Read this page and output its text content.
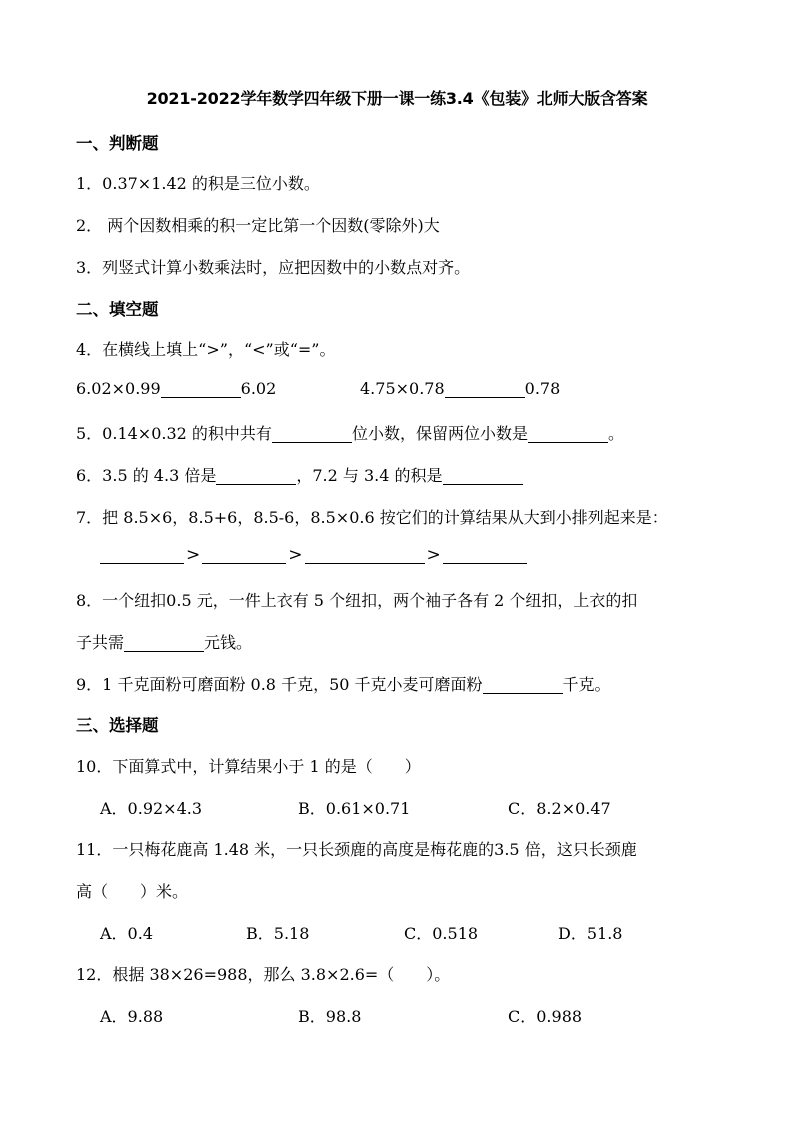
2021-2022学年数学四年级下册一课一练3.4《包装》北师大版含答案
一、判断题
1．0.37×1.42 的积是三位小数。
2． 两个因数相乘的积一定比第一个因数(零除外)大
3．列竖式计算小数乘法时，应把因数中的小数点对齐。
二、填空题
4．在横线上填上“>”，“<”或“=”。
6.02×0.99	6.02	4.75×0.78	0.78
5．0.14×0.32 的积中共有	位小数，保留两位小数是	。
6．3.5 的 4.3 倍是	，7.2 与 3.4 的积是
7．把 8.5×6，8.5+6，8.5-6，8.5×0.6 按它们的计算结果从大到小排列起来是：
>	>	>
8．一个纽扣0.5 元，一件上衣有 5 个纽扣，两个袖子各有 2 个纽扣，上衣的扣
子共需	元钱。
9．1 千克面粉可磨面粉 0.8 千克，50 千克小麦可磨面粉	千克。
三、选择题
10．下面算式中，计算结果小于 1 的是（　　）
A．0.92×4.3	B．0.61×0.71	C．8.2×0.47
11．一只梅花鹿高 1.48 米，一只长颈鹿的高度是梅花鹿的3.5 倍，这只长颈鹿
高（　　）米。
A．0.4	B．5.18	C．0.518	D．51.8
12．根据 38×26=988，那么 3.8×2.6=（　　）。
A．9.88	B．98.8	C．0.988
